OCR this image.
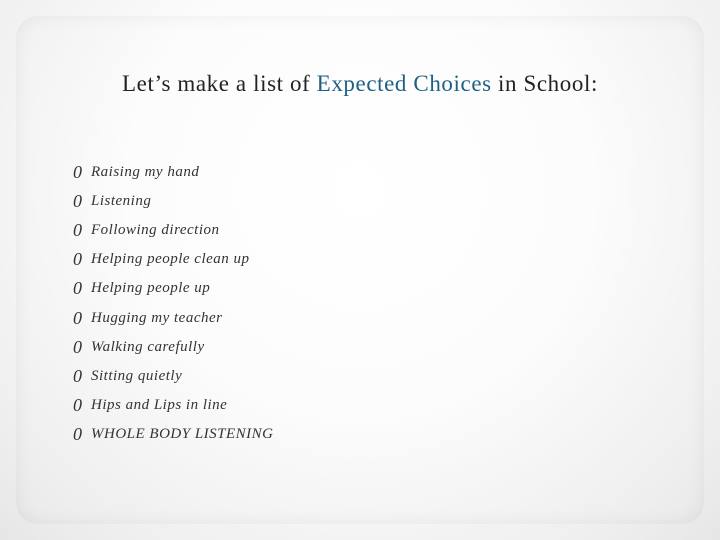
Let’s make a list of Expected Choices in School:
0 Raising my hand
0 Listening
0 Following direction
0 Helping people clean up
0 Helping people up
0 Hugging my teacher
0 Walking carefully
0 Sitting quietly
0 Hips and Lips in line
0 WHOLE BODY LISTENING
